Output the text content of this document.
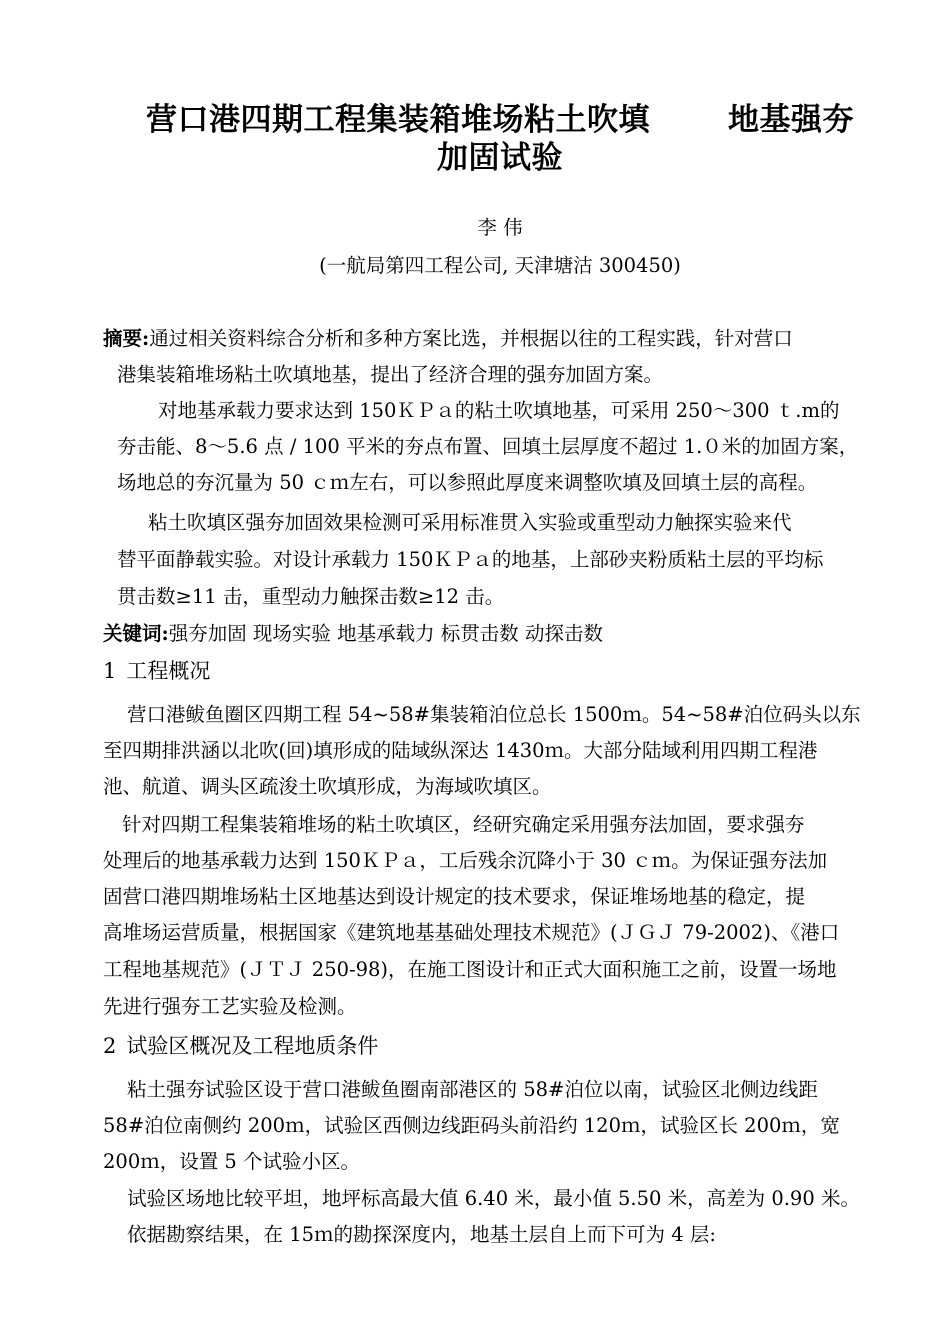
营口港四期工程集装箱堆场粘土吹填	地基强夯
加固试验
李 伟
(一航局第四工程公司, 天津塘沽 300450)
摘要:通过相关资料综合分析和多种方案比选，并根据以往的工程实践，针对营口
港集装箱堆场粘土吹填地基，提出了经济合理的强夯加固方案。
对地基承载力要求达到 150ＫＰａ的粘土吹填地基，可采用 250～300 ｔ.m的
夯击能、8～5.6 点 / 100 平米的夯点布置、回填土层厚度不超过 1.０米的加固方案，
场地总的夯沉量为 50 ｃｍ左右，可以参照此厚度来调整吹填及回填土层的高程。
粘土吹填区强夯加固效果检测可采用标准贯入实验或重型动力触探实验来代
替平面静载实验。对设计承载力 150ＫＰａ的地基，上部砂夹粉质粘土层的平均标
贯击数≥11 击，重型动力触探击数≥12 击。
关键词:强夯加固 现场实验 地基承载力 标贯击数 动探击数
1 工程概况
营口港鲅鱼圈区四期工程 54~58#集装箱泊位总长 1500ｍ。54~58#泊位码头以东
至四期排洪涵以北吹(回)填形成的陆域纵深达 1430ｍ。大部分陆域利用四期工程港
池、航道、调头区疏浚土吹填形成，为海域吹填区。
针对四期工程集装箱堆场的粘土吹填区，经研究确定采用强夯法加固，要求强夯
处理后的地基承载力达到 150ＫＰａ，工后残余沉降小于 30 ｃｍ。为保证强夯法加
固营口港四期堆场粘土区地基达到设计规定的技术要求，保证堆场地基的稳定，提
高堆场运营质量，根据国家《建筑地基基础处理技术规范》(ＪＧＪ 79-2002)、《港口
工程地基规范》(ＪＴＪ 250-98)，在施工图设计和正式大面积施工之前，设置一场地
先进行强夯工艺实验及检测。
2 试验区概况及工程地质条件
粘土强夯试验区设于营口港鲅鱼圈南部港区的 58#泊位以南，试验区北侧边线距
58#泊位南侧约 200ｍ，试验区西侧边线距码头前沿约 120ｍ，试验区长 200ｍ，宽
200ｍ，设置 5 个试验小区。
试验区场地比较平坦，地坪标高最大值 6.40 米，最小值 5.50 米，高差为 0.90 米。
依据勘察结果，在 15ｍ的勘探深度内，地基土层自上而下可为 4 层:
